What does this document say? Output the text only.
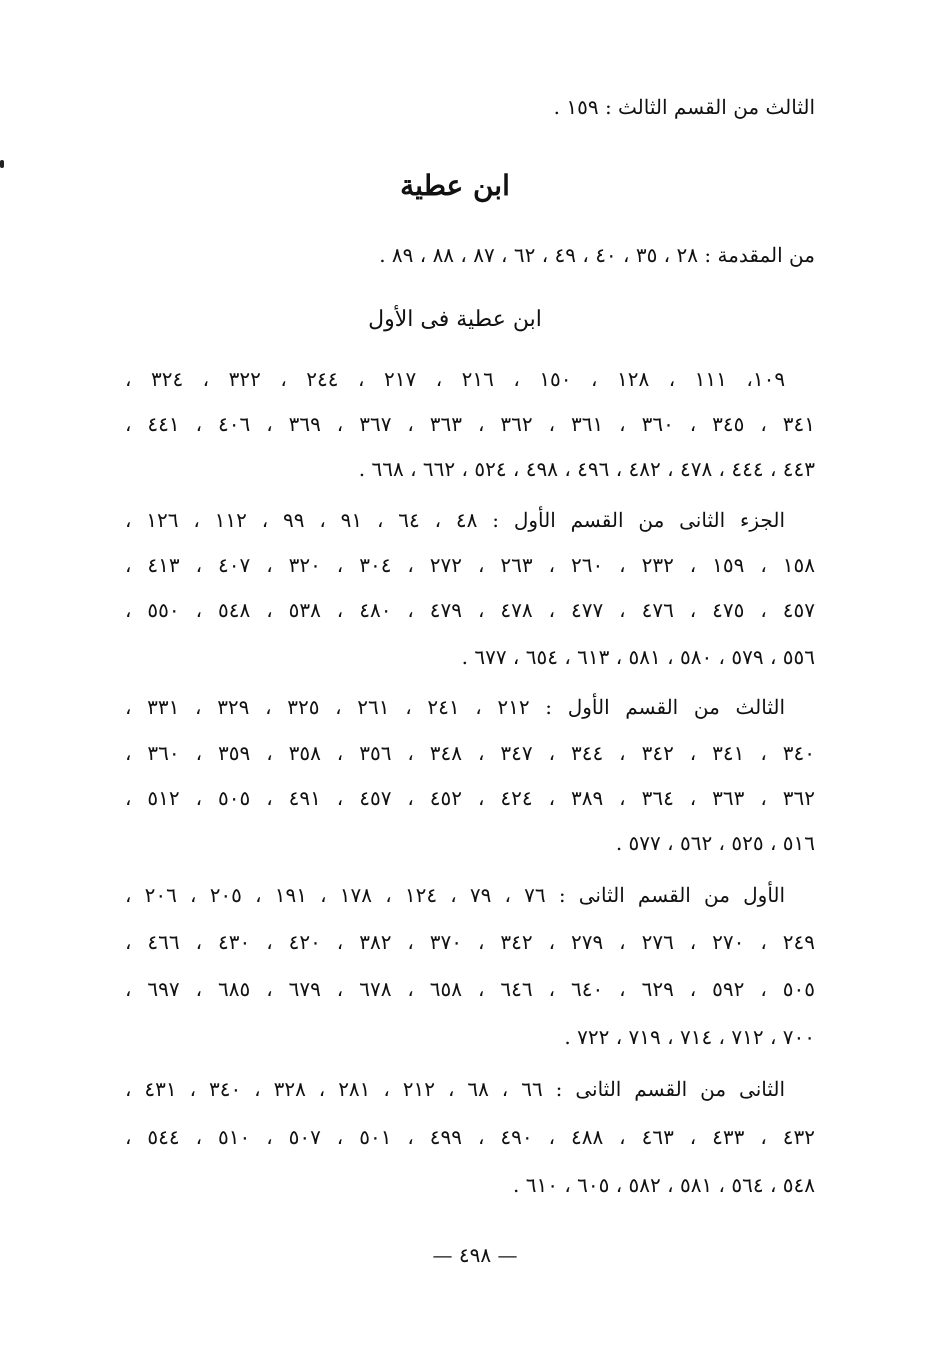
الثالث من القسم الثالث : ١٥٩ .
ابن عطية
من المقدمة : ٢٨ ، ٣٥ ، ٤٠ ، ٤٩ ، ٦٢ ، ٨٧ ، ٨٨ ، ٨٩ .
ابن عطية فى الأول
١٠٩، ١١١ ، ١٢٨ ، ١٥٠ ، ٢١٦ ، ٢١٧ ، ٢٤٤ ، ٣٢٢ ، ٣٢٤ ،
٣٤١ ، ٣٤٥ ، ٣٦٠ ، ٣٦١ ، ٣٦٢ ، ٣٦٣ ، ٣٦٧ ، ٣٦٩ ، ٤٠٦ ، ٤٤١ ،
٤٤٣ ، ٤٤٤ ، ٤٧٨ ، ٤٨٢ ، ٤٩٦ ، ٤٩٨ ، ٥٢٤ ، ٦٦٢ ، ٦٦٨ .
الجزء الثانى من القسم الأول : ٤٨ ، ٦٤ ، ٩١ ، ٩٩ ، ١١٢ ، ١٢٦ ،
١٥٨ ، ١٥٩ ، ٢٣٢ ، ٢٦٠ ، ٢٦٣ ، ٢٧٢ ، ٣٠٤ ، ٣٢٠ ، ٤٠٧ ، ٤١٣ ،
٤٥٧ ، ٤٧٥ ، ٤٧٦ ، ٤٧٧ ، ٤٧٨ ، ٤٧٩ ، ٤٨٠ ، ٥٣٨ ، ٥٤٨ ، ٥٥٠ ،
٥٥٦ ، ٥٧٩ ، ٥٨٠ ، ٥٨١ ، ٦١٣ ، ٦٥٤ ، ٦٧٧ .
الثالث من القسم الأول : ٢١٢ ، ٢٤١ ، ٢٦١ ، ٣٢٥ ، ٣٢٩ ، ٣٣١ ،
٣٤٠ ، ٣٤١ ، ٣٤٢ ، ٣٤٤ ، ٣٤٧ ، ٣٤٨ ، ٣٥٦ ، ٣٥٨ ، ٣٥٩ ، ٣٦٠ ،
٣٦٢ ، ٣٦٣ ، ٣٦٤ ، ٣٨٩ ، ٤٢٤ ، ٤٥٢ ، ٤٥٧ ، ٤٩١ ، ٥٠٥ ، ٥١٢ ،
٥١٦ ، ٥٢٥ ، ٥٦٢ ، ٥٧٧ .
الأول من القسم الثانى : ٧٦ ، ٧٩ ، ١٢٤ ، ١٧٨ ، ١٩١ ، ٢٠٥ ، ٢٠٦ ،
٢٤٩ ، ٢٧٠ ، ٢٧٦ ، ٢٧٩ ، ٣٤٢ ، ٣٧٠ ، ٣٨٢ ، ٤٢٠ ، ٤٣٠ ، ٤٦٦ ،
٥٠٥ ، ٥٩٢ ، ٦٢٩ ، ٦٤٠ ، ٦٤٦ ، ٦٥٨ ، ٦٧٨ ، ٦٧٩ ، ٦٨٥ ، ٦٩٧ ،
٧٠٠ ، ٧١٢ ، ٧١٤ ، ٧١٩ ، ٧٢٢ .
الثانى من القسم الثانى : ٦٦ ، ٦٨ ، ٢١٢ ، ٢٨١ ، ٣٢٨ ، ٣٤٠ ، ٤٣١ ،
٤٣٢ ، ٤٣٣ ، ٤٦٣ ، ٤٨٨ ، ٤٩٠ ، ٤٩٩ ، ٥٠١ ، ٥٠٧ ، ٥١٠ ، ٥٤٤ ،
٥٤٨ ، ٥٦٤ ، ٥٨١ ، ٥٨٢ ، ٦٠٥ ، ٦١٠ .
— ٤٩٨ —
